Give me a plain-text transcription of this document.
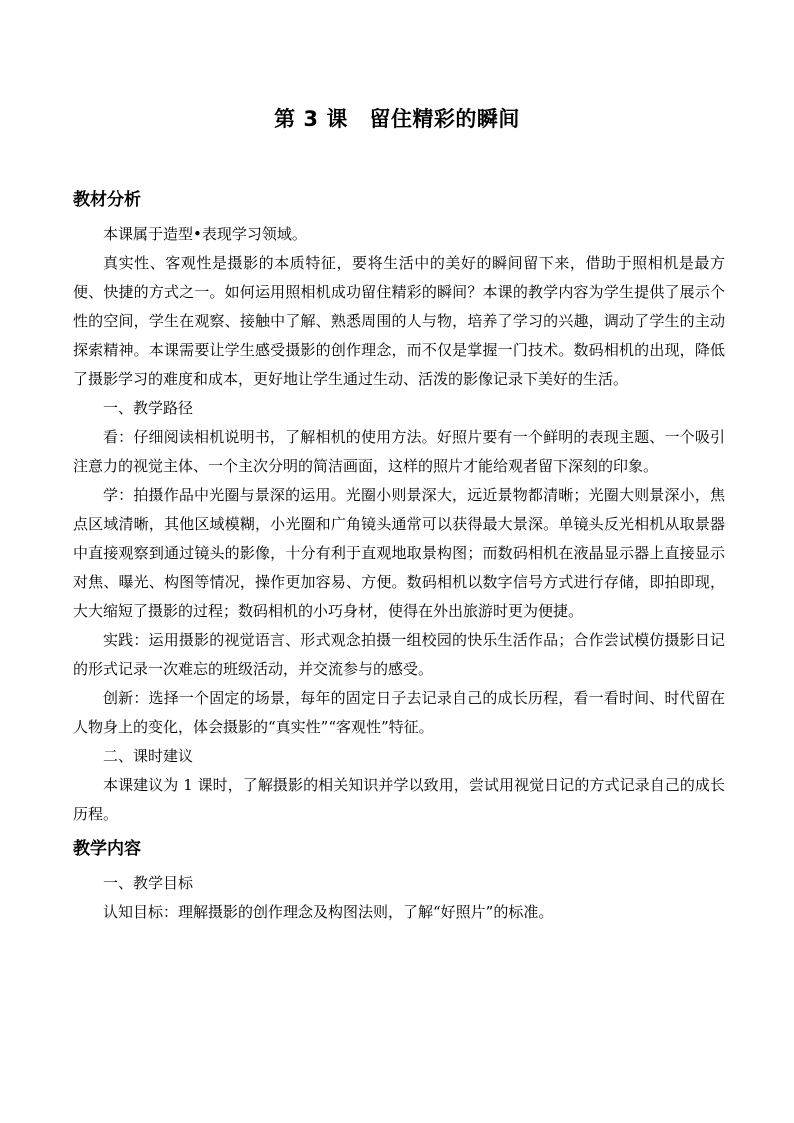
第 3 课　留住精彩的瞬间
教材分析

本课属于造型•表现学习领域。

真实性、客观性是摄影的本质特征，要将生活中的美好的瞬间留下来，借助于照相机是最方便、快捷的方式之一。如何运用照相机成功留住精彩的瞬间？本课的教学内容为学生提供了展示个性的空间，学生在观察、接触中了解、熟悉周围的人与物，培养了学习的兴趣，调动了学生的主动探索精神。本课需要让学生感受摄影的创作理念，而不仅是掌握一门技术。数码相机的出现，降低了摄影学习的难度和成本，更好地让学生通过生动、活泼的影像记录下美好的生活。

一、教学路径

看：仔细阅读相机说明书，了解相机的使用方法。好照片要有一个鲜明的表现主题、一个吸引注意力的视觉主体、一个主次分明的简洁画面，这样的照片才能给观者留下深刻的印象。

学：拍摄作品中光圈与景深的运用。光圈小则景深大，远近景物都清晰；光圈大则景深小，焦点区域清晰，其他区域模糊，小光圈和广角镜头通常可以获得最大景深。单镜头反光相机从取景器中直接观察到通过镜头的影像，十分有利于直观地取景构图；而数码相机在液晶显示器上直接显示对焦、曝光、构图等情况，操作更加容易、方便。数码相机以数字信号方式进行存储，即拍即现，大大缩短了摄影的过程；数码相机的小巧身材，使得在外出旅游时更为便捷。

实践：运用摄影的视觉语言、形式观念拍摄一组校园的快乐生活作品；合作尝试模仿摄影日记的形式记录一次难忘的班级活动，并交流参与的感受。

创新：选择一个固定的场景，每年的固定日子去记录自己的成长历程，看一看时间、时代留在人物身上的变化，体会摄影的“真实性”“客观性”特征。

二、课时建议

本课建议为 1 课时，了解摄影的相关知识并学以致用，尝试用视觉日记的方式记录自己的成长历程。

教学内容

一、教学目标

认知目标：理解摄影的创作理念及构图法则，了解“好照片”的标准。
